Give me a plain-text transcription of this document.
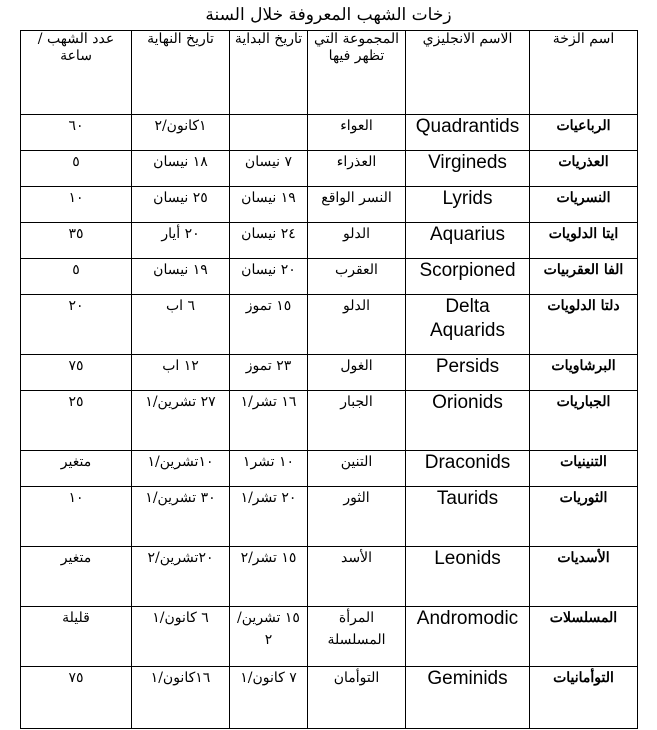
زخات الشهب المعروفة خلال السنة
اسم الزخة	الاسم الانجليزي	المجموعة التي تظهر فيها	تاريخ البداية	تاريخ النهاية	عدد الشهب /ساعة
الرباعيات	Quadrantids	العواء		١كانون/٢	٦٠
العذريات	Virgineds	العذراء	٧ نيسان	١٨ نيسان	٥
النسريات	Lyrids	النسر الواقع	١٩ نيسان	٢٥ نيسان	١٠
ايتا الدلويات	Aquarius	الدلو	٢٤ نيسان	٢٠ أيار	٣٥
الفا العقربيات	Scorpioned	العقرب	٢٠ نيسان	١٩ نيسان	٥
دلتا الدلويات	Delta Aquarids	الدلو	١٥ تموز	٦ اب	٢٠
البرشاويات	Persids	الغول	٢٣ تموز	١٢ اب	٧٥
الجباريات	Orionids	الجبار	١٦ تشر/١	٢٧ تشرين/١	٢٥
التنينيات	Draconids	التنين	١٠ تشر١	١٠تشرين/١	متغير
الثوريات	Taurids	الثور	٢٠ تشر/١	٣٠ تشرين/١	١٠
الأسديات	Leonids	الأسد	١٥ تشر/٢	٢٠تشرين/٢	متغير
المسلسلات	Andromodic	المرأة المسلسلة	١٥ تشرين/٢	٦ كانون/١	قليلة
التوأمانيات	Geminids	التوأمان	٧ كانون/١	١٦كانون/١	٧٥
